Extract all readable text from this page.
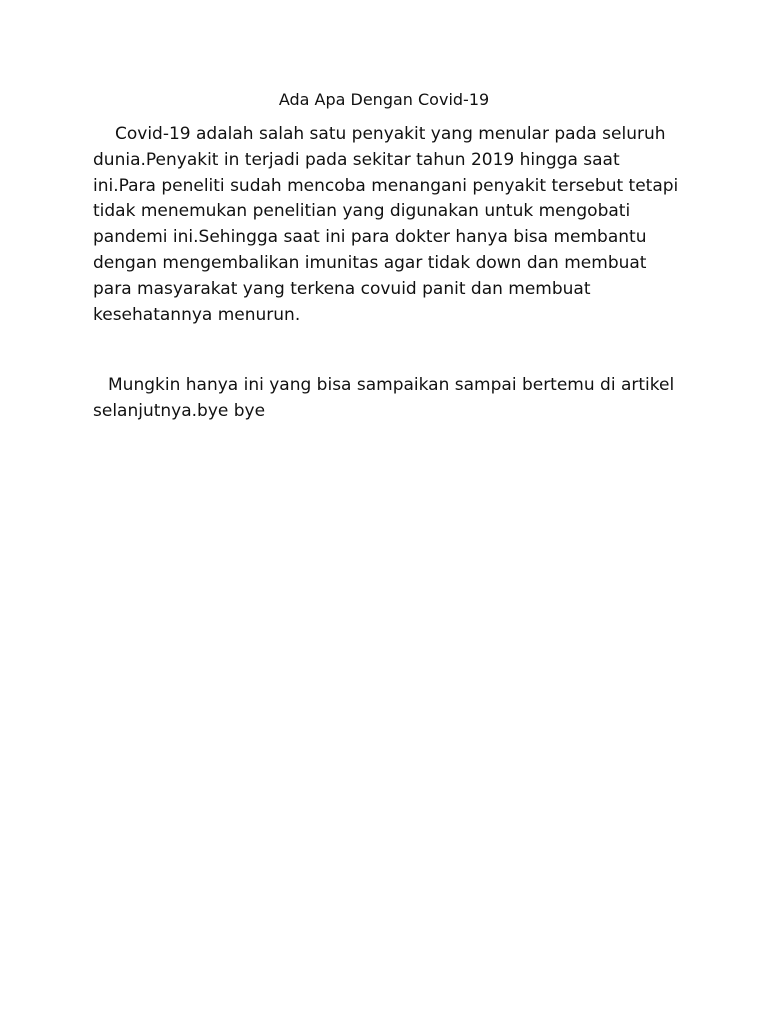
Ada Apa Dengan Covid-19

Covid-19 adalah salah satu penyakit yang menular pada seluruh dunia.Penyakit in terjadi pada sekitar tahun 2019 hingga saat ini.Para peneliti sudah mencoba menangani penyakit tersebut tetapi tidak menemukan penelitian yang digunakan untuk mengobati pandemi ini.Sehingga saat ini para dokter hanya bisa membantu dengan mengembalikan imunitas agar tidak down dan membuat para masyarakat yang terkena covuid panit dan membuat kesehatannya menurun.

Mungkin hanya ini yang bisa sampaikan sampai bertemu di artikel selanjutnya.bye bye
